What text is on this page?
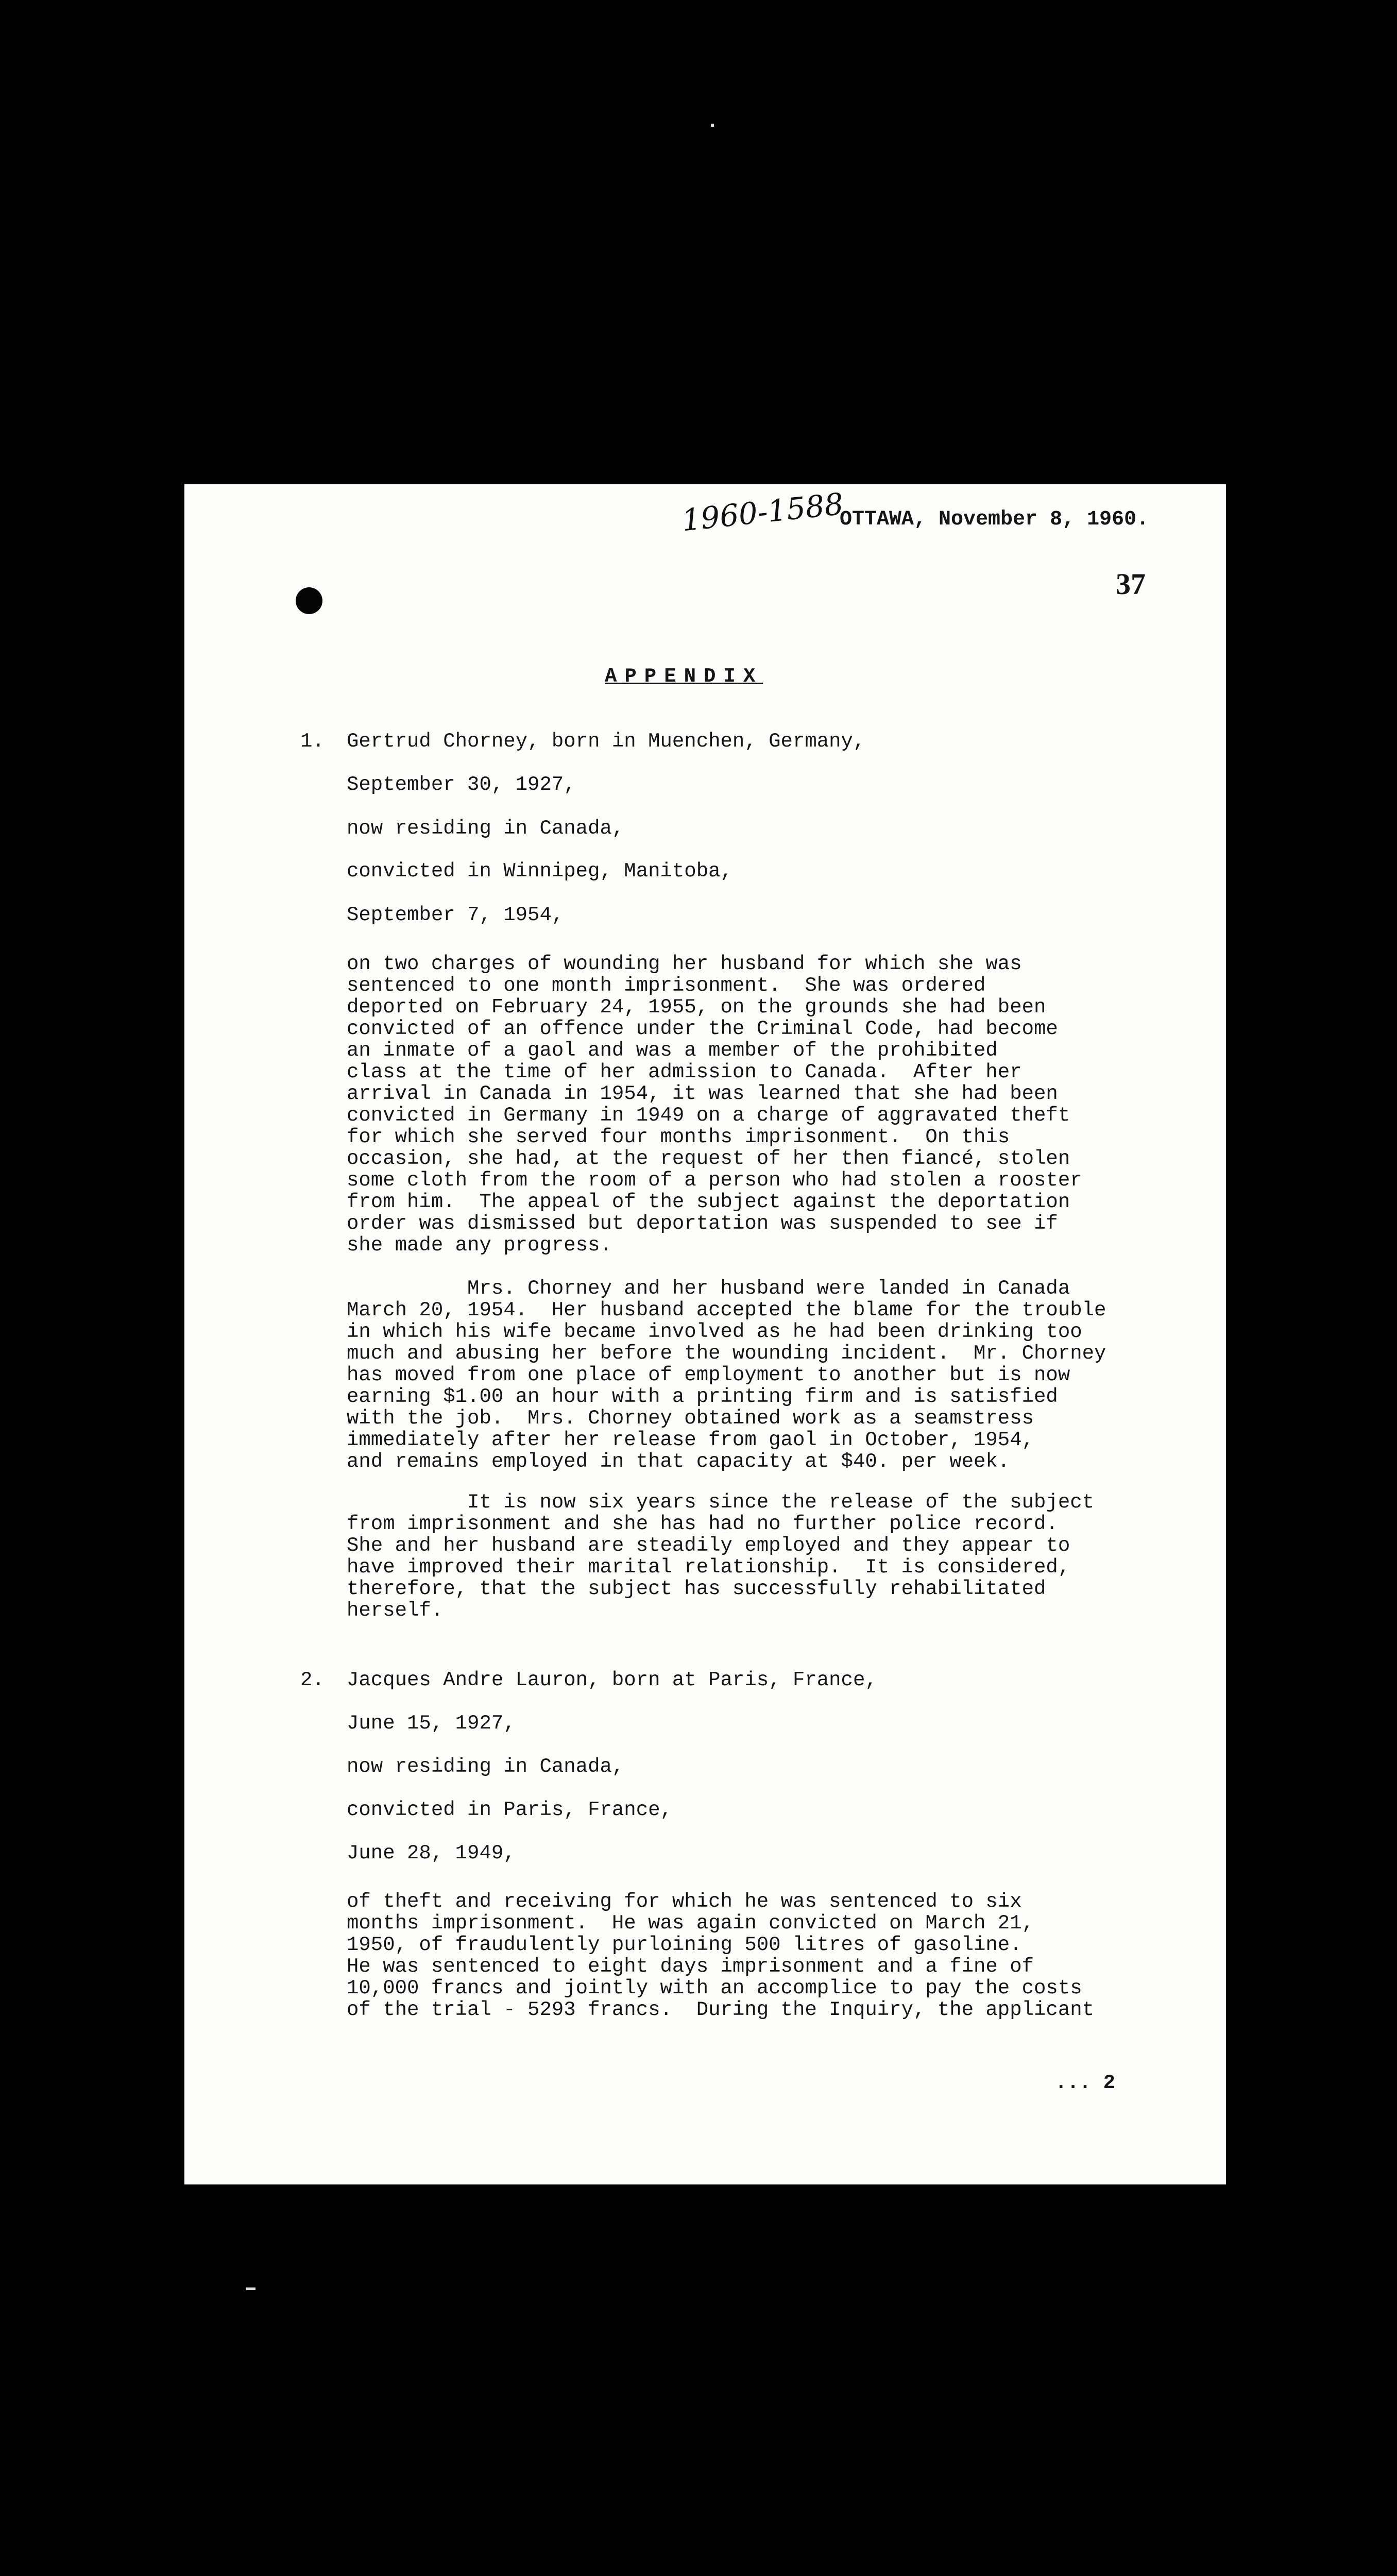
1960-1588
OTTAWA, November 8, 1960.
37
APPENDIX
1. Gertrud Chorney, born in Muenchen, Germany,
September 30, 1927,
now residing in Canada,
convicted in Winnipeg, Manitoba,
September 7, 1954,
on two charges of wounding her husband for which she was
sentenced to one month imprisonment.  She was ordered
deported on February 24, 1955, on the grounds she had been
convicted of an offence under the Criminal Code, had become
an inmate of a gaol and was a member of the prohibited
class at the time of her admission to Canada.  After her
arrival in Canada in 1954, it was learned that she had been
convicted in Germany in 1949 on a charge of aggravated theft
for which she served four months imprisonment.  On this
occasion, she had, at the request of her then fiancé, stolen
some cloth from the room of a person who had stolen a rooster
from him.  The appeal of the subject against the deportation
order was dismissed but deportation was suspended to see if
she made any progress.
Mrs. Chorney and her husband were landed in Canada
March 20, 1954.  Her husband accepted the blame for the trouble
in which his wife became involved as he had been drinking too
much and abusing her before the wounding incident.  Mr. Chorney
has moved from one place of employment to another but is now
earning $1.00 an hour with a printing firm and is satisfied
with the job.  Mrs. Chorney obtained work as a seamstress
immediately after her release from gaol in October, 1954,
and remains employed in that capacity at $40. per week.
It is now six years since the release of the subject
from imprisonment and she has had no further police record.
She and her husband are steadily employed and they appear to
have improved their marital relationship.  It is considered,
therefore, that the subject has successfully rehabilitated
herself.
2. Jacques Andre Lauron, born at Paris, France,
June 15, 1927,
now residing in Canada,
convicted in Paris, France,
June 28, 1949,
of theft and receiving for which he was sentenced to six
months imprisonment.  He was again convicted on March 21,
1950, of fraudulently purloining 500 litres of gasoline.
He was sentenced to eight days imprisonment and a fine of
10,000 francs and jointly with an accomplice to pay the costs
of the trial - 5293 francs.  During the Inquiry, the applicant
... 2
